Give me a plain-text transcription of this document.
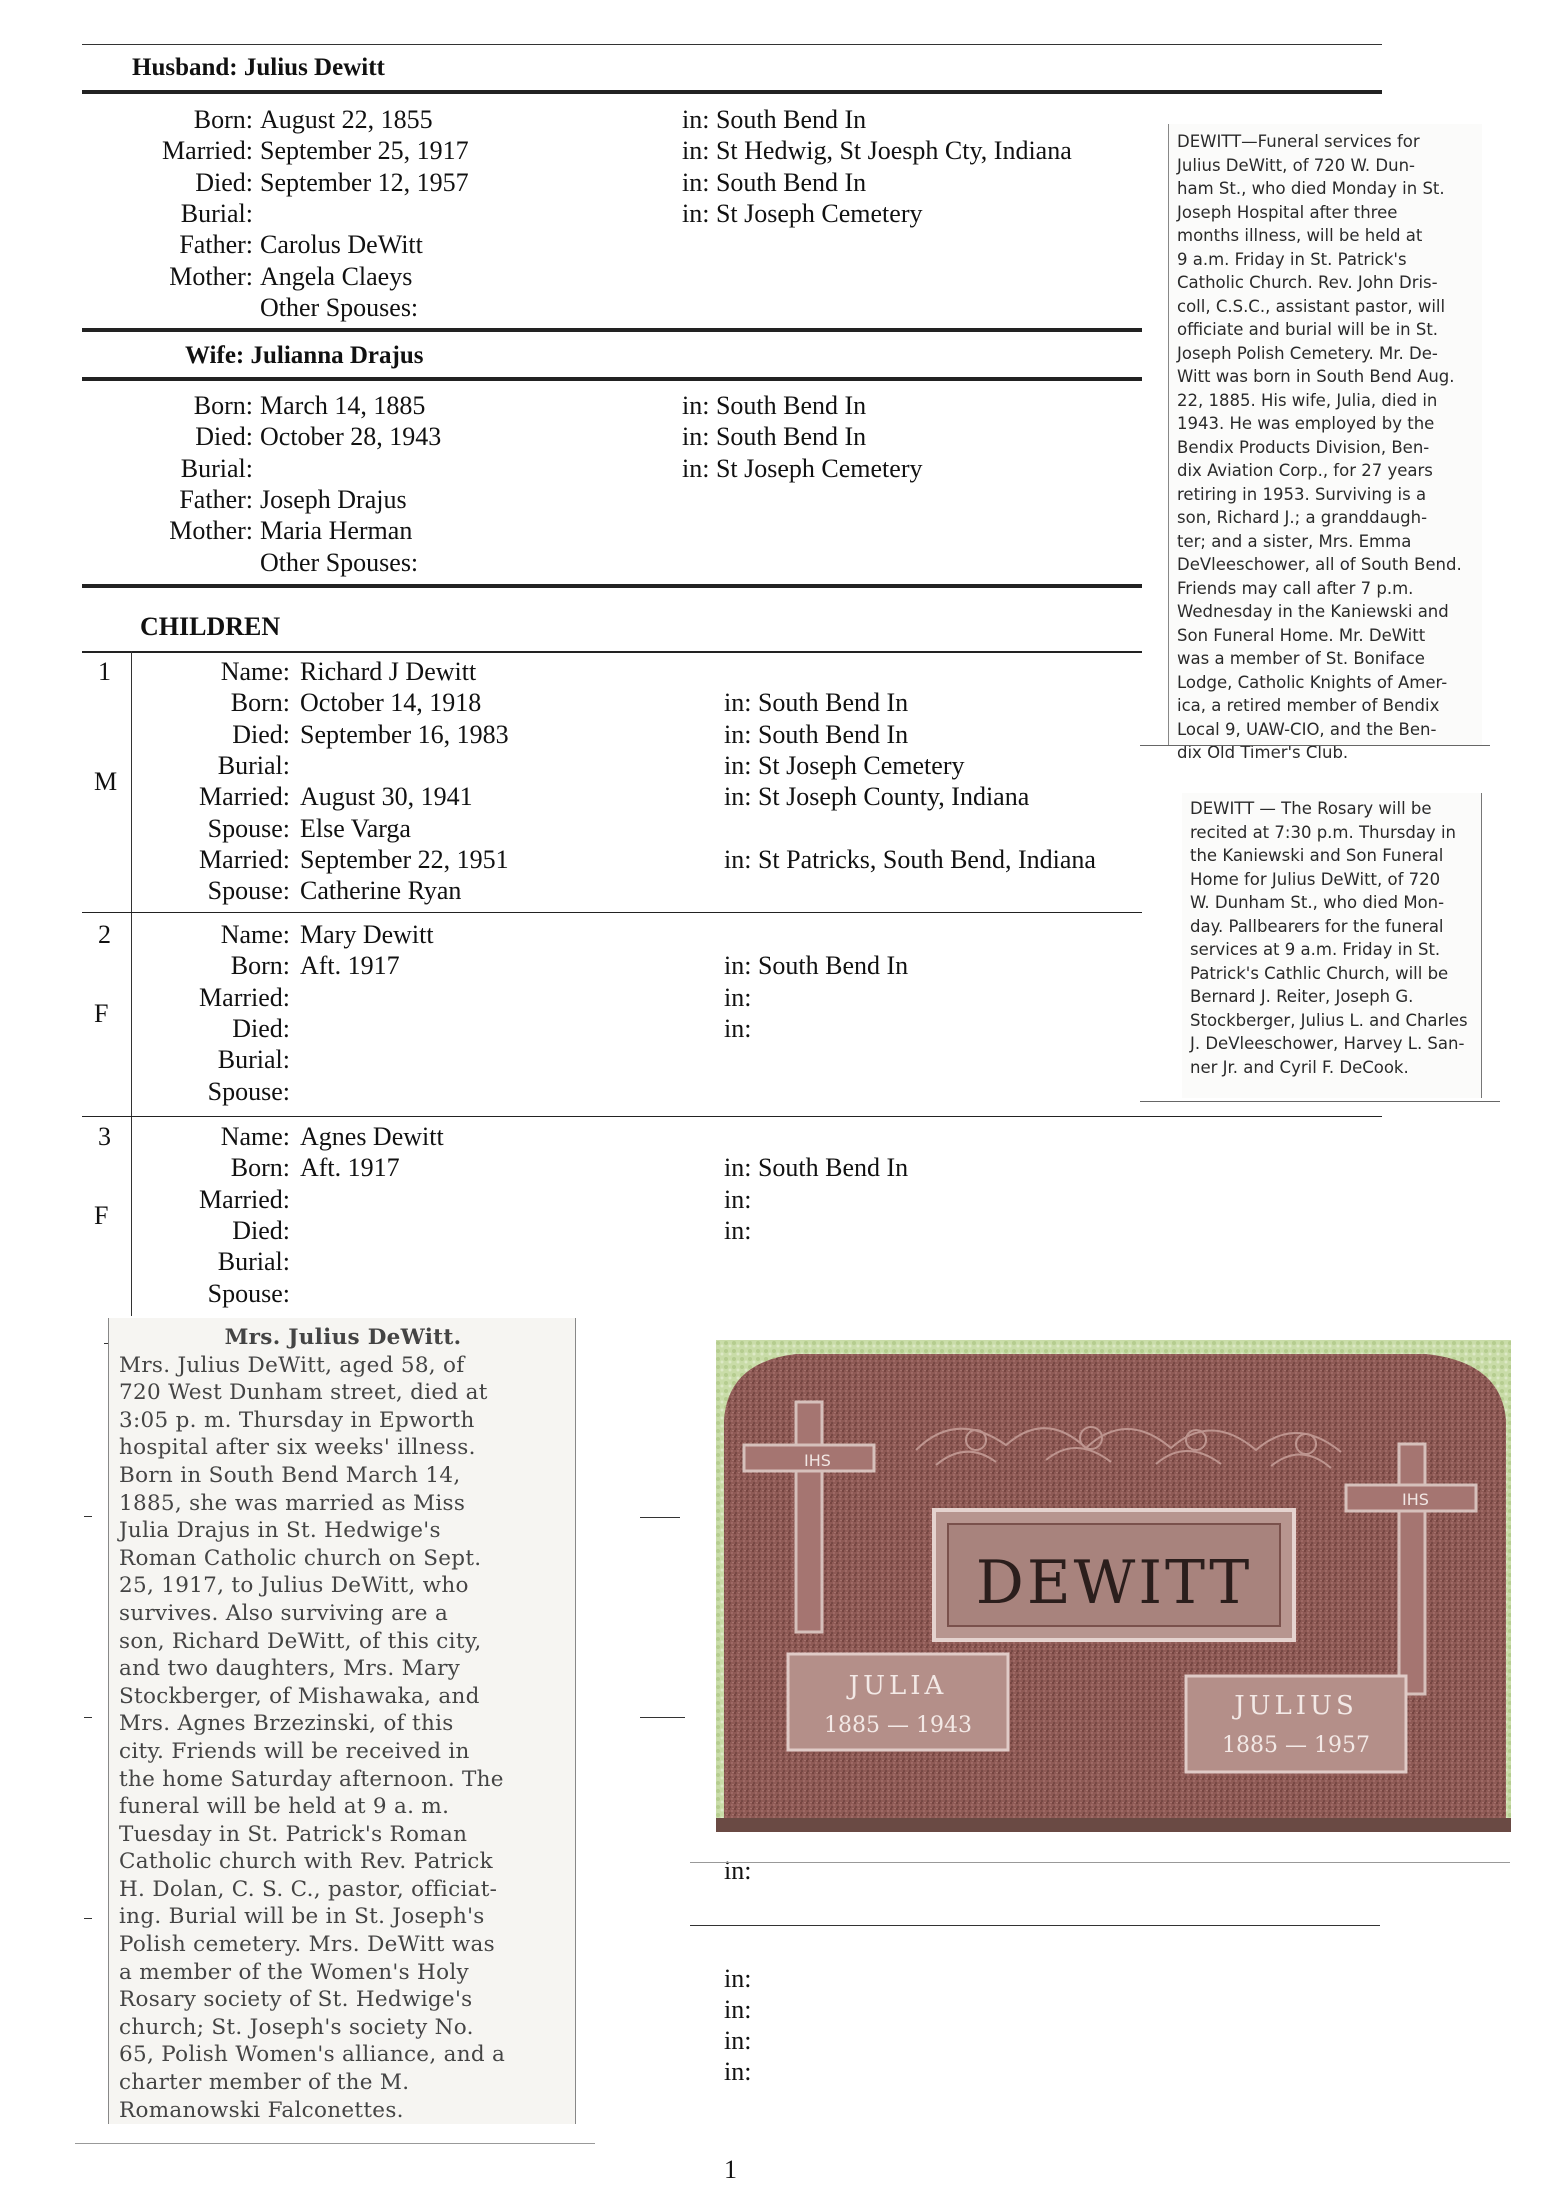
Husband: Julius Dewitt
Born: August 22, 1855	in: South Bend In
Married: September 25, 1917	in: St Hedwig, St Joesph Cty, Indiana
Died: September 12, 1957	in: South Bend In
Burial:	in: St Joseph Cemetery
Father: Carolus DeWitt
Mother: Angela Claeys
Other Spouses:
Wife: Julianna Drajus
Born: March 14, 1885	in: South Bend In
Died: October 28, 1943	in: South Bend In
Burial:	in: St Joseph Cemetery
Father: Joseph Drajus
Mother: Maria Herman
Other Spouses:
CHILDREN
1
M
Name: Richard J Dewitt
Born: October 14, 1918	in: South Bend In
Died: September 16, 1983	in: South Bend In
Burial:	in: St Joseph Cemetery
Married: August 30, 1941	in: St Joseph County, Indiana
Spouse: Else Varga
Married: September 22, 1951	in: St Patricks, South Bend, Indiana
Spouse: Catherine Ryan
2
F
Name: Mary Dewitt
Born: Aft. 1917	in: South Bend In
Married:	in:
Died:	in:
Burial:
Spouse:
3
F
Name: Agnes Dewitt
Born: Aft. 1917	in: South Bend In
Married:	in:
Died:	in:
Burial:
Spouse:
in:
in:
in:
in:
in:
1

DEWITT—Funeral services for

Julius DeWitt, of 720 W. Dun-

ham St., who died Monday in St.

Joseph Hospital after three

months illness, will be held at

9 a.m. Friday in St. Patrick's

Catholic Church. Rev. John Dris-

coll, C.S.C., assistant pastor, will

officiate and burial will be in St.

Joseph Polish Cemetery. Mr. De-

Witt was born in South Bend Aug.

22, 1885. His wife, Julia, died in

1943. He was employed by the

Bendix Products Division, Ben-

dix Aviation Corp., for 27 years

retiring in 1953. Surviving is a

son, Richard J.; a granddaugh-

ter; and a sister, Mrs. Emma

DeVleeschower, all of South Bend.

Friends may call after 7 p.m.

Wednesday in the Kaniewski and

Son Funeral Home. Mr. DeWitt

was a member of St. Boniface

Lodge, Catholic Knights of Amer-

ica, a retired member of Bendix

Local 9, UAW-CIO, and the Ben-

dix Old Timer's Club.

DEWITT — The Rosary will be

recited at 7:30 p.m. Thursday in

the Kaniewski and Son Funeral

Home for Julius DeWitt, of 720

W. Dunham St., who died Mon-

day. Pallbearers for the funeral

services at 9 a.m. Friday in St.

Patrick's Cathlic Church, will be

Bernard J. Reiter, Joseph G.

Stockberger, Julius L. and Charles

J. DeVleeschower, Harvey L. San-

ner Jr. and Cyril F. DeCook.

Mrs. Julius DeWitt.

Mrs. Julius DeWitt, aged 58, of

720 West Dunham street, died at

3:05 p. m. Thursday in Epworth

hospital after six weeks' illness.

Born in South Bend March 14,

1885, she was married as Miss

Julia Drajus in St. Hedwige's

Roman Catholic church on Sept.

25, 1917, to Julius DeWitt, who

survives. Also surviving are a

son, Richard DeWitt, of this city,

and two daughters, Mrs. Mary

Stockberger, of Mishawaka, and

Mrs. Agnes Brzezinski, of this

city. Friends will be received in

the home Saturday afternoon. The

funeral will be held at 9 a. m.

Tuesday in St. Patrick's Roman

Catholic church with Rev. Patrick

H. Dolan, C. S. C., pastor, officiat-

ing. Burial will be in St. Joseph's

Polish cemetery. Mrs. DeWitt was

a member of the Women's Holy

Rosary society of St. Hedwige's

church; St. Joseph's society No.

65, Polish Women's alliance, and a

charter member of the M.

Romanowski Falconettes.

IHS
IHS
DEWITT
JULIA
1885 — 1943
JULIUS
1885 — 1957
